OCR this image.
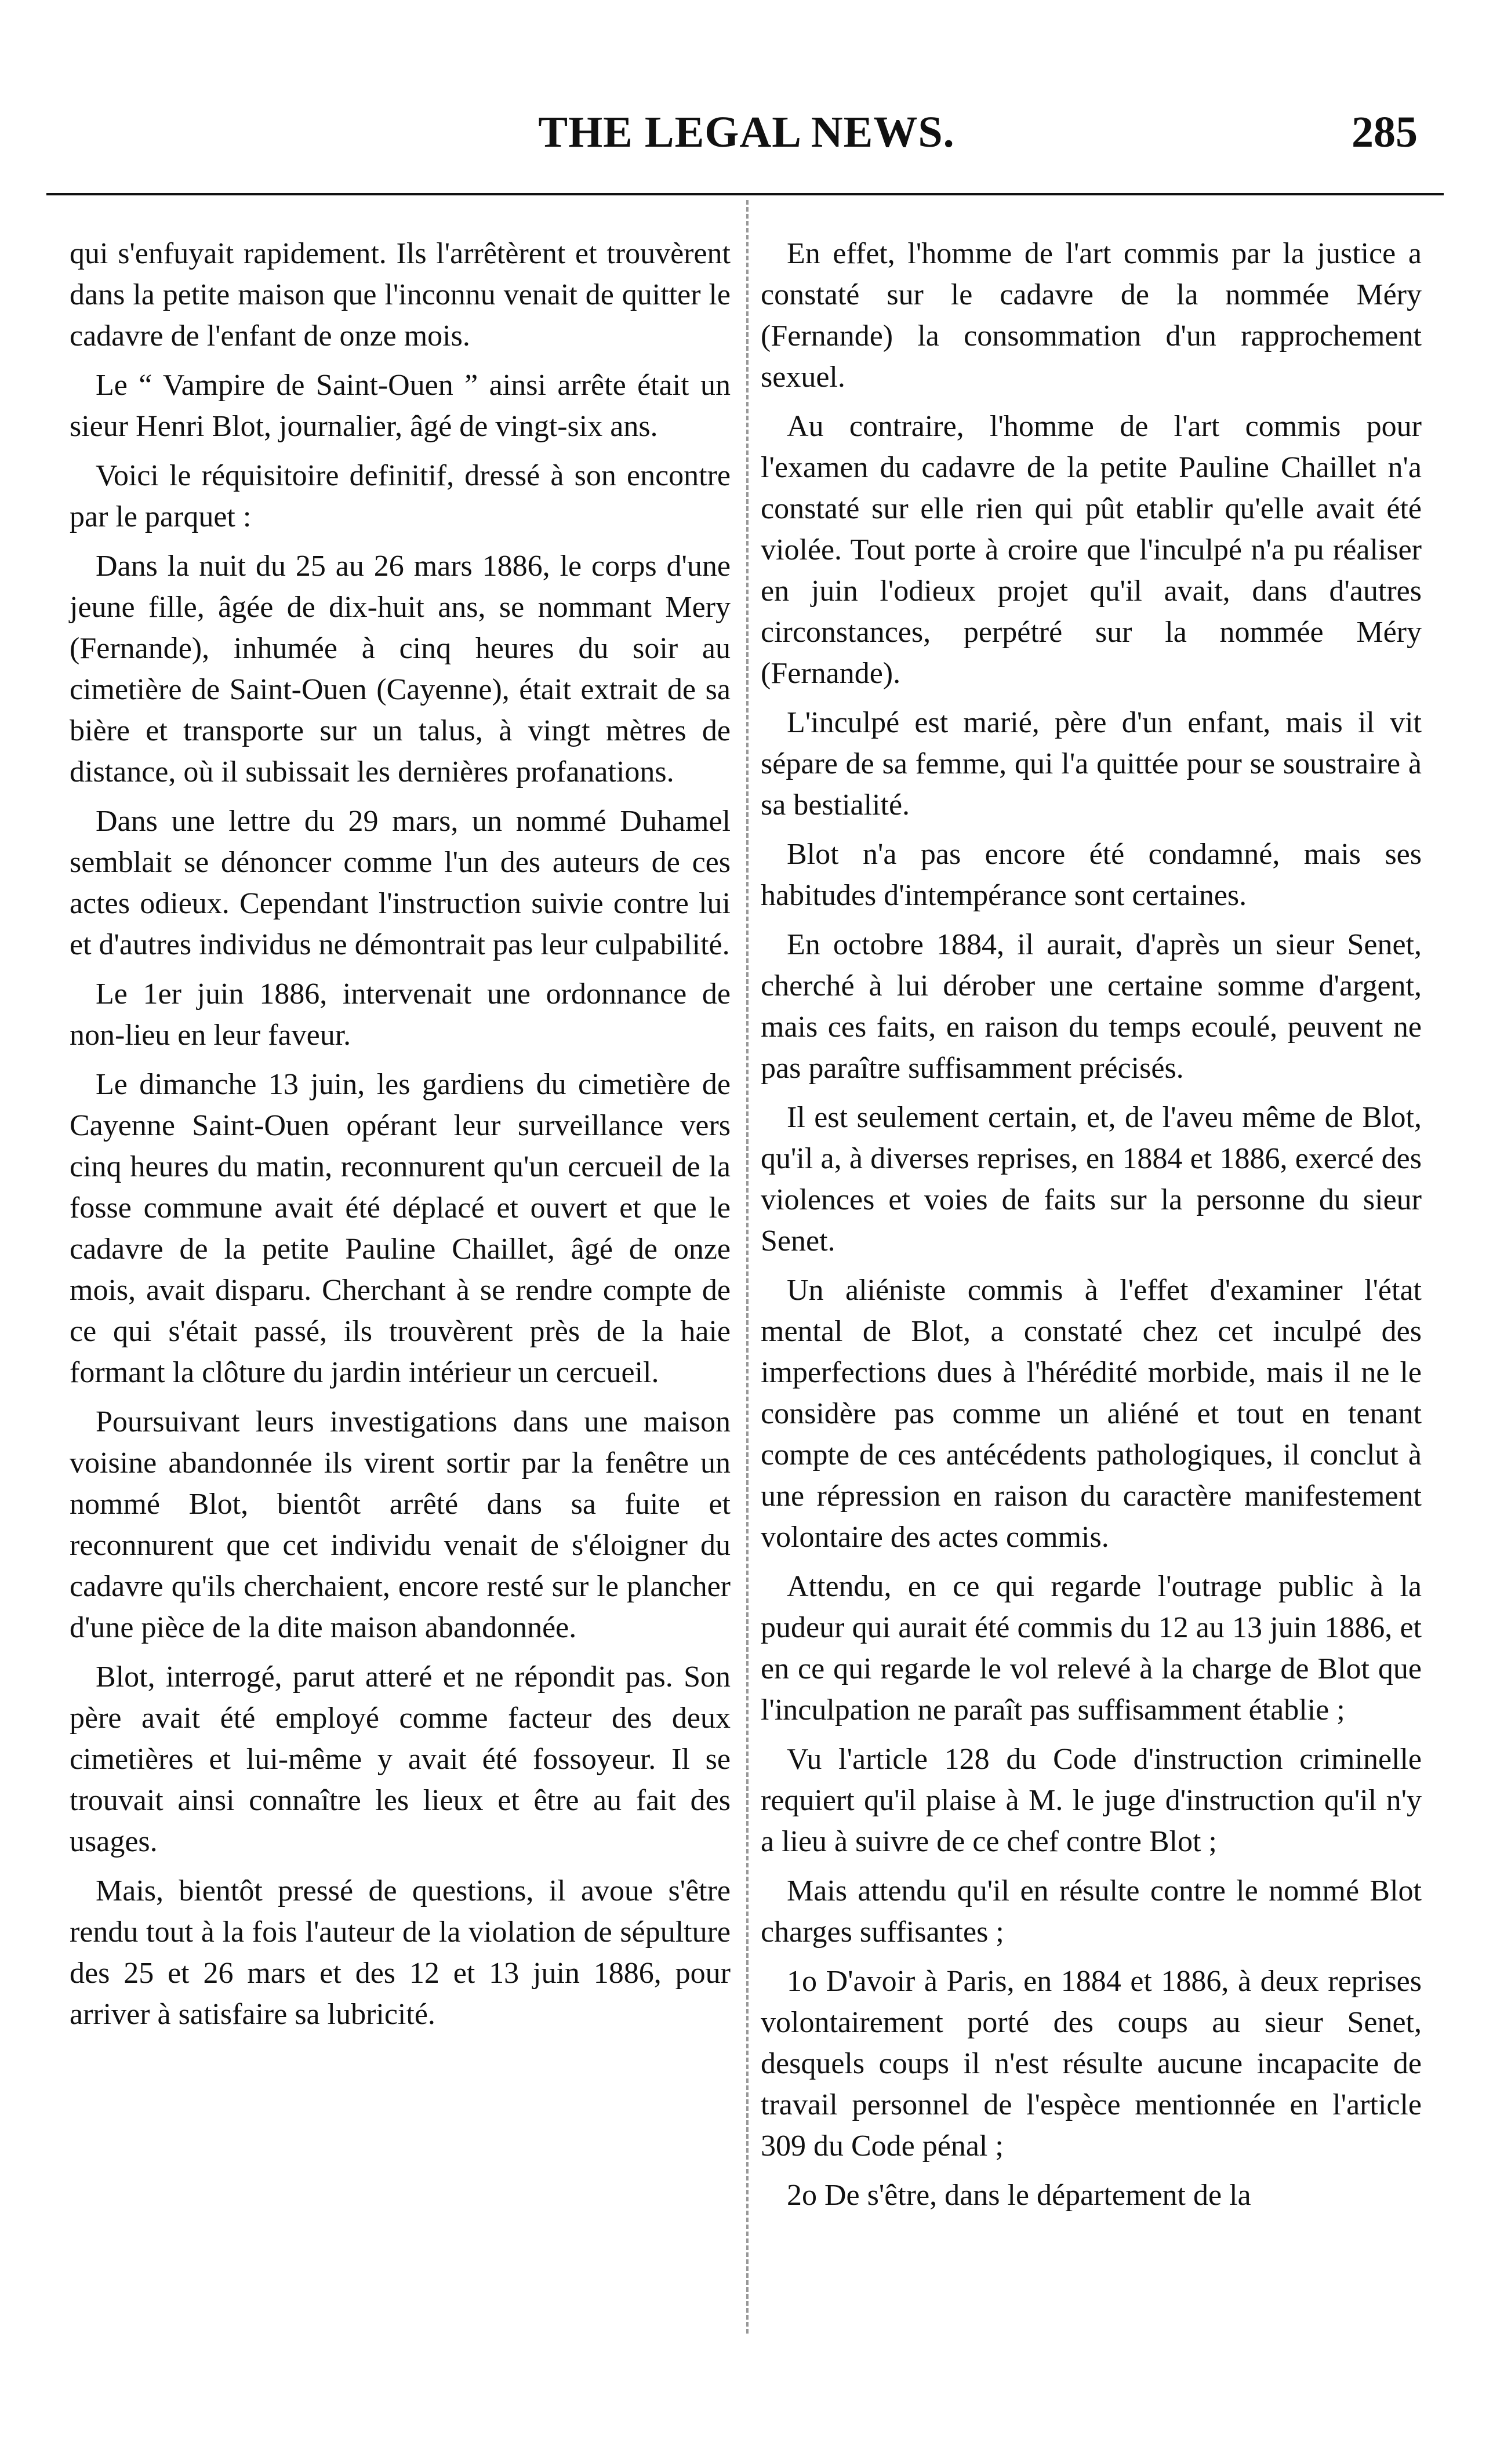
THE LEGAL NEWS.	285

qui s'enfuyait rapidement. Ils l'arrêtèrent et trouvèrent dans la petite maison que l'inconnu venait de quitter le cadavre de l'enfant de onze mois.

Le “ Vampire de Saint-Ouen ” ainsi arrête était un sieur Henri Blot, journalier, âgé de vingt-six ans.

Voici le réquisitoire definitif, dressé à son encontre par le parquet :

Dans la nuit du 25 au 26 mars 1886, le corps d'une jeune fille, âgée de dix-huit ans, se nommant Mery (Fernande), inhumée à cinq heures du soir au cimetière de Saint-Ouen (Cayenne), était extrait de sa bière et transporte sur un talus, à vingt mètres de distance, où il subissait les dernières profanations.

Dans une lettre du 29 mars, un nommé Duhamel semblait se dénoncer comme l'un des auteurs de ces actes odieux. Cependant l'instruction suivie contre lui et d'autres individus ne démontrait pas leur culpabilité.

Le 1er juin 1886, intervenait une ordonnance de non-lieu en leur faveur.

Le dimanche 13 juin, les gardiens du cimetière de Cayenne Saint-Ouen opérant leur surveillance vers cinq heures du matin, reconnurent qu'un cercueil de la fosse commune avait été déplacé et ouvert et que le cadavre de la petite Pauline Chaillet, âgé de onze mois, avait disparu. Cherchant à se rendre compte de ce qui s'était passé, ils trouvèrent près de la haie formant la clôture du jardin intérieur un cercueil.

Poursuivant leurs investigations dans une maison voisine abandonnée ils virent sortir par la fenêtre un nommé Blot, bientôt arrêté dans sa fuite et reconnurent que cet individu venait de s'éloigner du cadavre qu'ils cherchaient, encore resté sur le plancher d'une pièce de la dite maison abandonnée.

Blot, interrogé, parut atteré et ne répondit pas. Son père avait été employé comme facteur des deux cimetières et lui-même y avait été fossoyeur. Il se trouvait ainsi connaître les lieux et être au fait des usages.

Mais, bientôt pressé de questions, il avoue s'être rendu tout à la fois l'auteur de la violation de sépulture des 25 et 26 mars et des 12 et 13 juin 1886, pour arriver à satisfaire sa lubricité.

En effet, l'homme de l'art commis par la justice a constaté sur le cadavre de la nommée Méry (Fernande) la consommation d'un rapprochement sexuel.

Au contraire, l'homme de l'art commis pour l'examen du cadavre de la petite Pauline Chaillet n'a constaté sur elle rien qui pût etablir qu'elle avait été violée. Tout porte à croire que l'inculpé n'a pu réaliser en juin l'odieux projet qu'il avait, dans d'autres circonstances, perpétré sur la nommée Méry (Fernande).

L'inculpé est marié, père d'un enfant, mais il vit sépare de sa femme, qui l'a quittée pour se soustraire à sa bestialité.

Blot n'a pas encore été condamné, mais ses habitudes d'intempérance sont certaines.

En octobre 1884, il aurait, d'après un sieur Senet, cherché à lui dérober une certaine somme d'argent, mais ces faits, en raison du temps ecoulé, peuvent ne pas paraître suffisamment précisés.

Il est seulement certain, et, de l'aveu même de Blot, qu'il a, à diverses reprises, en 1884 et 1886, exercé des violences et voies de faits sur la personne du sieur Senet.

Un aliéniste commis à l'effet d'examiner l'état mental de Blot, a constaté chez cet inculpé des imperfections dues à l'hérédité morbide, mais il ne le considère pas comme un aliéné et tout en tenant compte de ces antécédents pathologiques, il conclut à une répression en raison du caractère manifestement volontaire des actes commis.

Attendu, en ce qui regarde l'outrage public à la pudeur qui aurait été commis du 12 au 13 juin 1886, et en ce qui regarde le vol relevé à la charge de Blot que l'inculpation ne paraît pas suffisamment établie ;

Vu l'article 128 du Code d'instruction criminelle requiert qu'il plaise à M. le juge d'instruction qu'il n'y a lieu à suivre de ce chef contre Blot ;

Mais attendu qu'il en résulte contre le nommé Blot charges suffisantes ;

1o D'avoir à Paris, en 1884 et 1886, à deux reprises volontairement porté des coups au sieur Senet, desquels coups il n'est résulte aucune incapacite de travail personnel de l'espèce mentionnée en l'article 309 du Code pénal ;

2o De s'être, dans le département de la
